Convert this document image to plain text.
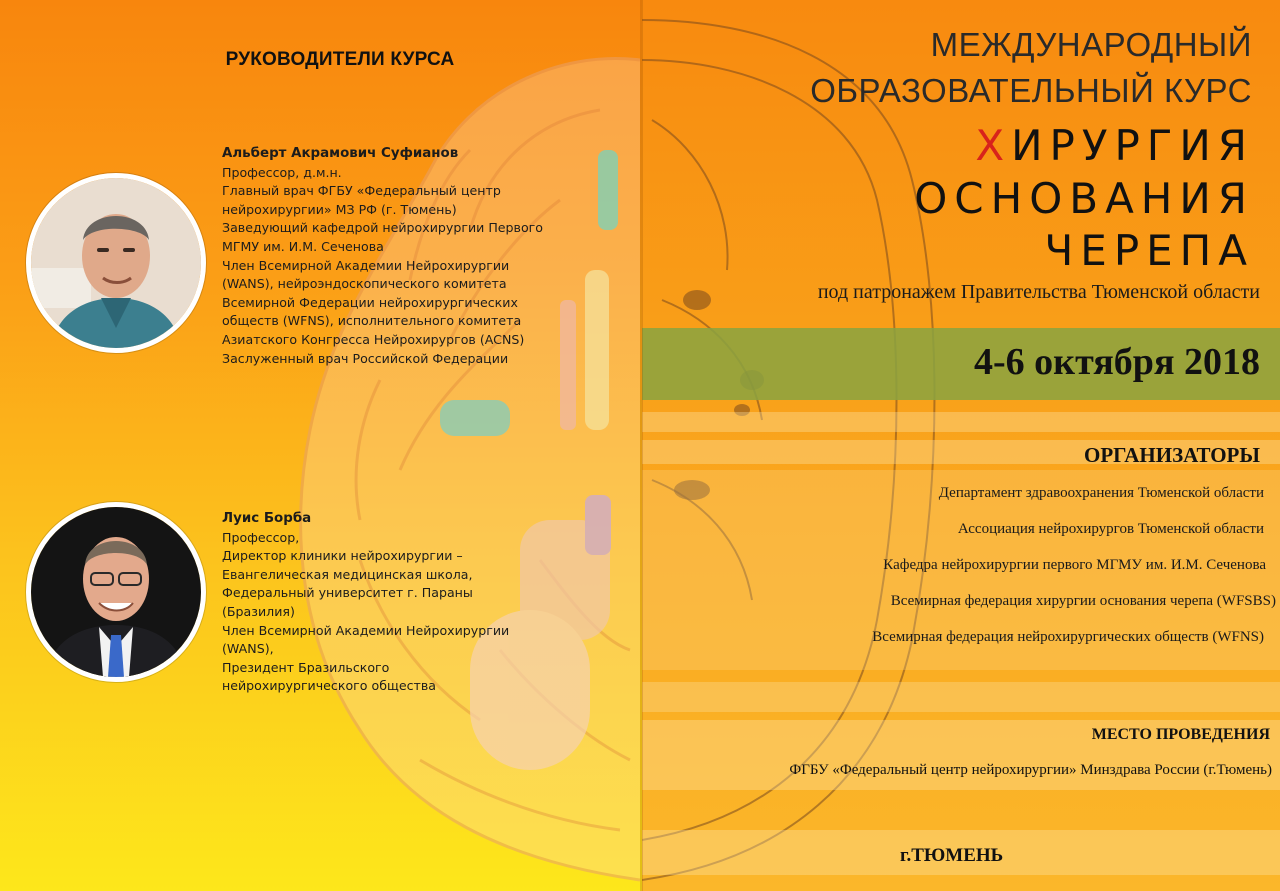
РУКОВОДИТЕЛИ КУРСА
Альберт Акрамович Суфианов
Профессор, д.м.н.
Главный врач ФГБУ «Федеральный центр
нейрохирургии» МЗ РФ (г. Тюмень)
Заведующий кафедрой нейрохирургии Первого
МГМУ им. И.М. Сеченова
Член Всемирной Академии Нейрохирургии
(WANS), нейроэндоскопического комитета
Всемирной Федерации нейрохирургических
обществ (WFNS), исполнительного комитета
Азиатского Конгресса Нейрохирургов (ACNS)
Заслуженный врач Российской Федерации
Луис Борба
Профессор,
Директор клиники нейрохирургии –
Евангелическая медицинская школа,
Федеральный университет г. Параны
(Бразилия)
Член Всемирной Академии Нейрохирургии
(WANS),
Президент Бразильского
нейрохирургического общества
МЕЖДУНАРОДНЫЙ
ОБРАЗОВАТЕЛЬНЫЙ КУРС
ХИРУРГИЯ
ОСНОВАНИЯ
ЧЕРЕПА
под патронажем Правительства Тюменской области
4-6 октября 2018
ОРГАНИЗАТОРЫ
Департамент здравоохранения Тюменской области
Ассоциация нейрохирургов Тюменской области
Кафедра нейрохирургии первого МГМУ им. И.М. Сеченова
Всемирная федерация хирургии основания черепа (WFSBS)
Всемирная федерация нейрохирургических обществ (WFNS)
МЕСТО ПРОВЕДЕНИЯ
ФГБУ «Федеральный центр нейрохирургии» Минздрава России (г.Тюмень)
г.ТЮМЕНЬ
